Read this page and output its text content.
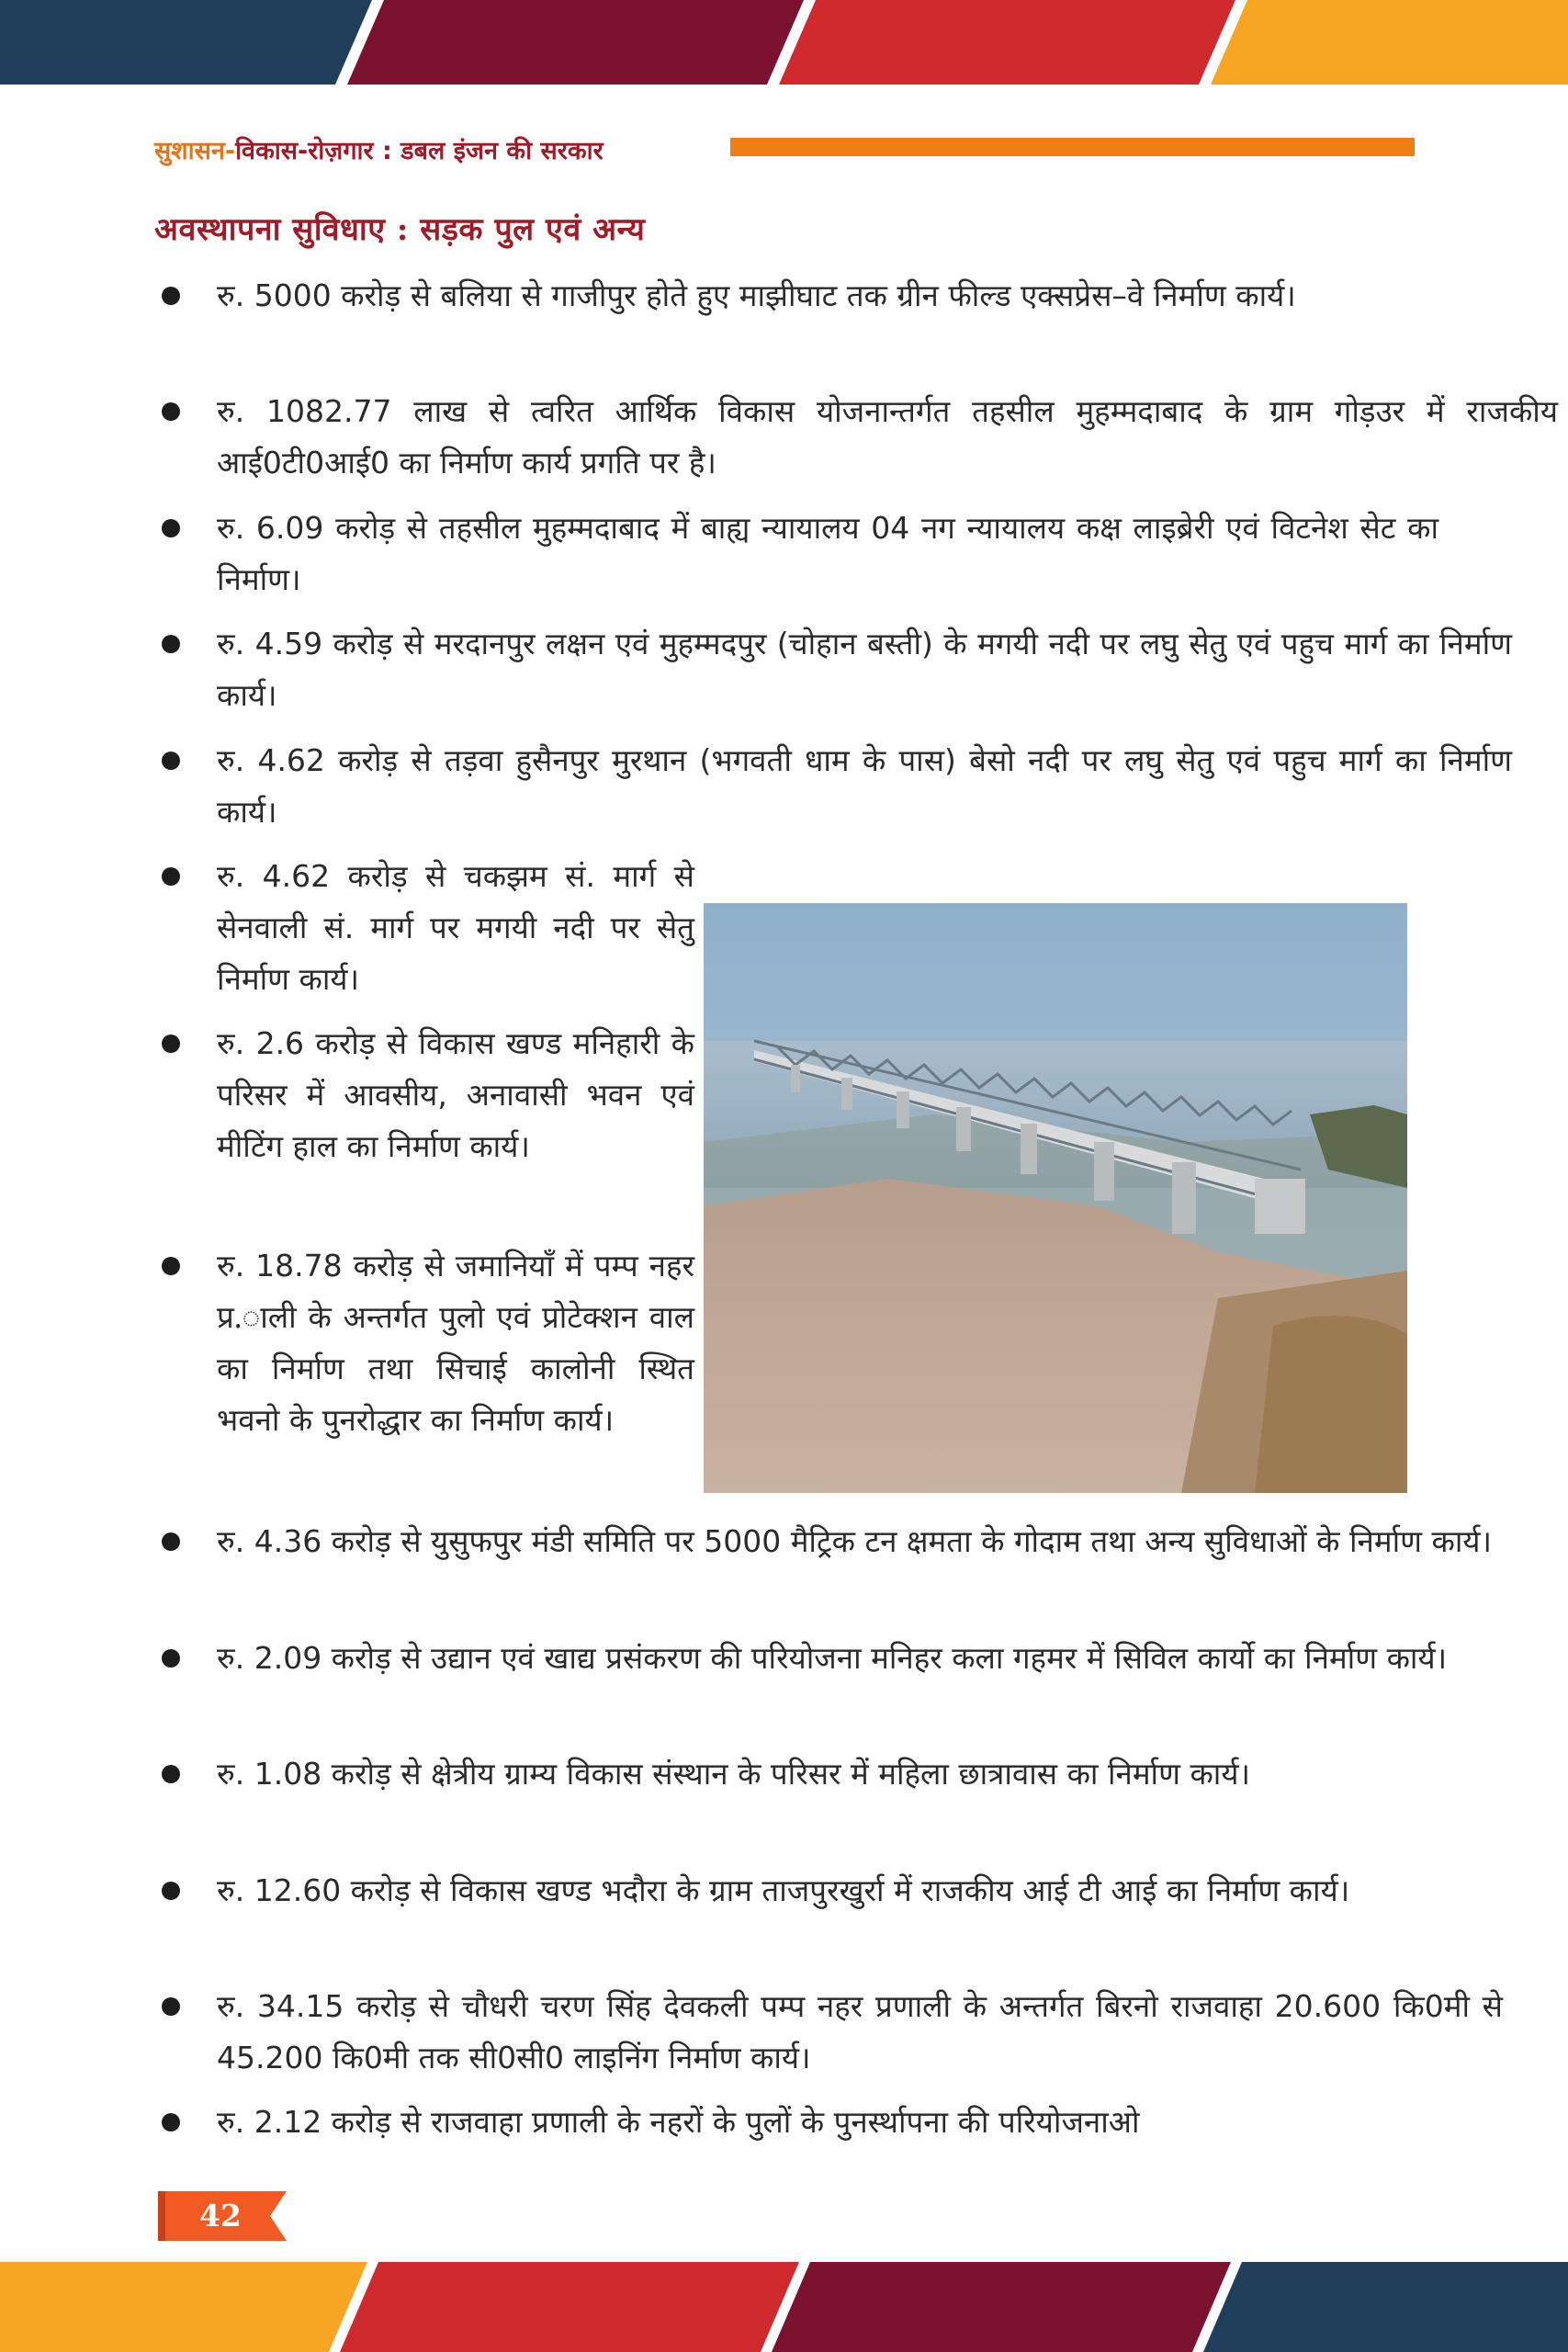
सुशासन- विकास- रोज़गार : डबल इंजन की सरकार
अवस्थापना सुविधाए : सड़क पुल एवं अन्य
रु. 5000 करोड़ से बलिया से गाजीपुर होते हुए माझीघाट तक ग्रीन फील्ड एक्सप्रेस–वे निर्माण कार्य।
रु. 1082.77 लाख से त्वरित आर्थिक विकास योजनान्तर्गत तहसील मुहम्मदाबाद के ग्राम गोड़उर में राजकीय आई0टी0आई0 का निर्माण कार्य प्रगति पर है।
रु. 6.09 करोड़ से तहसील मुहम्मदाबाद में बाह्य न्यायालय 04 नग न्यायालय कक्ष लाइब्रेरी एवं विटनेश सेट का निर्माण।
रु. 4.59 करोड़ से मरदानपुर लक्षन एवं मुहम्मदपुर (चोहान बस्ती) के मगयी नदी पर लघु सेतु एवं पहुच मार्ग का निर्माण कार्य।
रु. 4.62 करोड़ से तड़वा हुसैनपुर मुरथान (भगवती धाम के पास) बेसो नदी पर लघु सेतु एवं पहुच मार्ग का निर्माण कार्य।
रु. 4.62 करोड़ से चकझम सं. मार्ग से सेनवाली सं. मार्ग पर मगयी नदी पर सेतु निर्माण कार्य।
रु. 2.6 करोड़ से विकास खण्ड मनिहारी के परिसर में आवसीय, अनावासी भवन एवं मीटिंग हाल का निर्माण कार्य।
रु. 18.78 करोड़ से जमानियाँ में पम्प नहर प्र.ाली के अन्तर्गत पुलो एवं प्रोटेक्शन वाल का निर्माण तथा सिचाई कालोनी स्थित भवनो के पुनरोद्धार का निर्माण कार्य।
रु. 4.36 करोड़ से युसुफपुर मंडी समिति पर 5000 मैट्रिक टन क्षमता के गोदाम तथा अन्य सुविधाओं के निर्माण कार्य।
रु. 2.09 करोड़ से उद्यान एवं खाद्य प्रसंकरण की परियोजना मनिहर कला गहमर में सिविल कार्यो का निर्माण कार्य।
रु. 1.08 करोड़ से क्षेत्रीय ग्राम्य विकास संस्थान के परिसर में महिला छात्रावास का निर्माण कार्य।
रु. 12.60 करोड़ से विकास खण्ड भदौरा के ग्राम ताजपुरखुर्रा में राजकीय आई टी आई का निर्माण कार्य।
रु. 34.15 करोड़ से चौधरी चरण सिंह देवकली पम्प नहर प्रणाली के अन्तर्गत बिरनो राजवाहा 20.600 कि0मी से 45.200 कि0मी तक सी0सी0 लाइनिंग निर्माण कार्य।
रु. 2.12 करोड़ से राजवाहा प्रणाली के नहरों के पुलों के पुनर्स्थापना की परियोजनाओ
42
